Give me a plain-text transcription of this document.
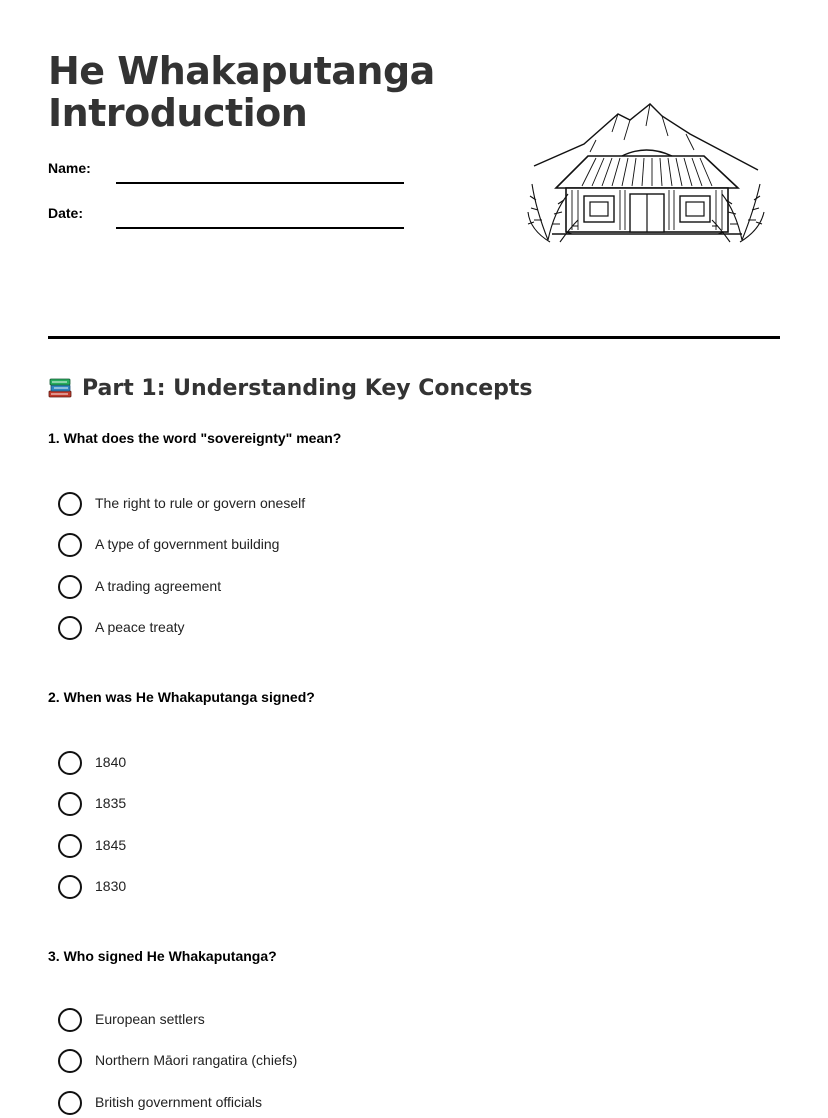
He Whakaputanga
Introduction
Name:
Date:
Part 1: Understanding Key Concepts

1. What does the word "sovereignty" mean?

The right to rule or govern oneself
A type of government building
A trading agreement
A peace treaty

2. When was He Whakaputanga signed?

1840
1835
1845
1830

3. Who signed He Whakaputanga?

European settlers
Northern Māori rangatira (chiefs)
British government officials
